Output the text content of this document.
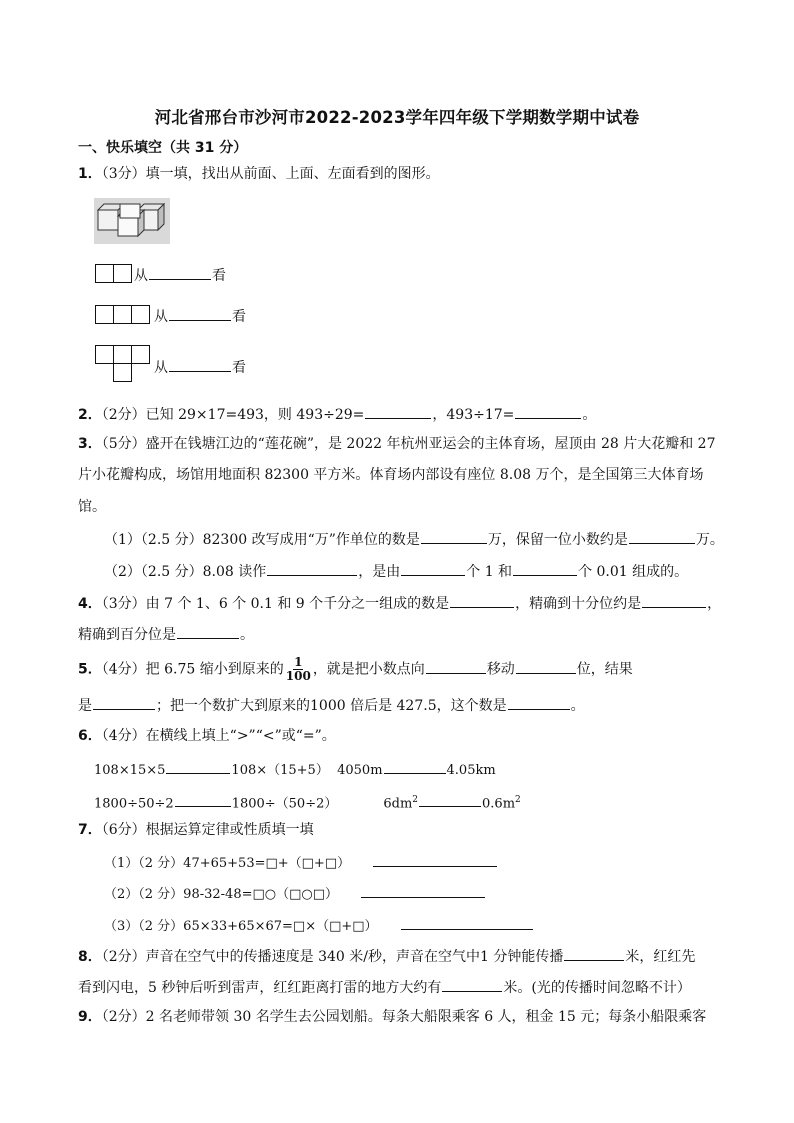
河北省邢台市沙河市2022-2023学年四年级下学期数学期中试卷
一、快乐填空（共 31 分）
1．（3分）填一填，找出从前面、上面、左面看到的图形。
从	看
从	看
从	看
2．（2分）已知 29×17=493，则 493÷29=	，493÷17=	。
3．（5分）盛开在钱塘江边的“莲花碗”，是 2022 年杭州亚运会的主体育场，屋顶由 28 片大花瓣和 27
片小花瓣构成，场馆用地面积 82300 平方米。体育场内部设有座位 8.08 万个，是全国第三大体育场
馆。
（1）（2.5 分）82300 改写成用“万”作单位的数是	万，保留一位小数约是	万。
（2）（2.5 分）8.08 读作	，是由	个 1 和	个 0.01 组成的。
4．（3分）由 7 个 1、6 个 0.1 和 9 个千分之一组成的数是	，精确到十分位约是	，
精确到百分位是	。
5．（4分）把 6.75 缩小到原来的 $\frac{1}{100}$ ，就是把小数点向	移动	位，结果
是	；把一个数扩大到原来的1000 倍后是 427.5，这个数是	。
6．（4分）在横线上填上“>”“<”或“=”。
108×15×5	108×（15+5） 4050m	4.05km
1800÷50÷2	1800÷（50÷2）	$6dm^2$	$0.6m^2$
7．（6分）根据运算定律或性质填一填
（1）（2 分）47+65+53=□+（□+□）
（2）（2 分）98-32-48=□○（□○□）
（3）（2 分）65×33+65×67=□×（□+□）
8．（2分）声音在空气中的传播速度是 340 米/秒，声音在空气中1 分钟能传播	米，红红先
看到闪电，5 秒钟后听到雷声，红红距离打雷的地方大约有	米。(光的传播时间忽略不计）
9．（2分）2 名老师带领 30 名学生去公园划船。每条大船限乘客 6 人，租金 15 元；每条小船限乘客
